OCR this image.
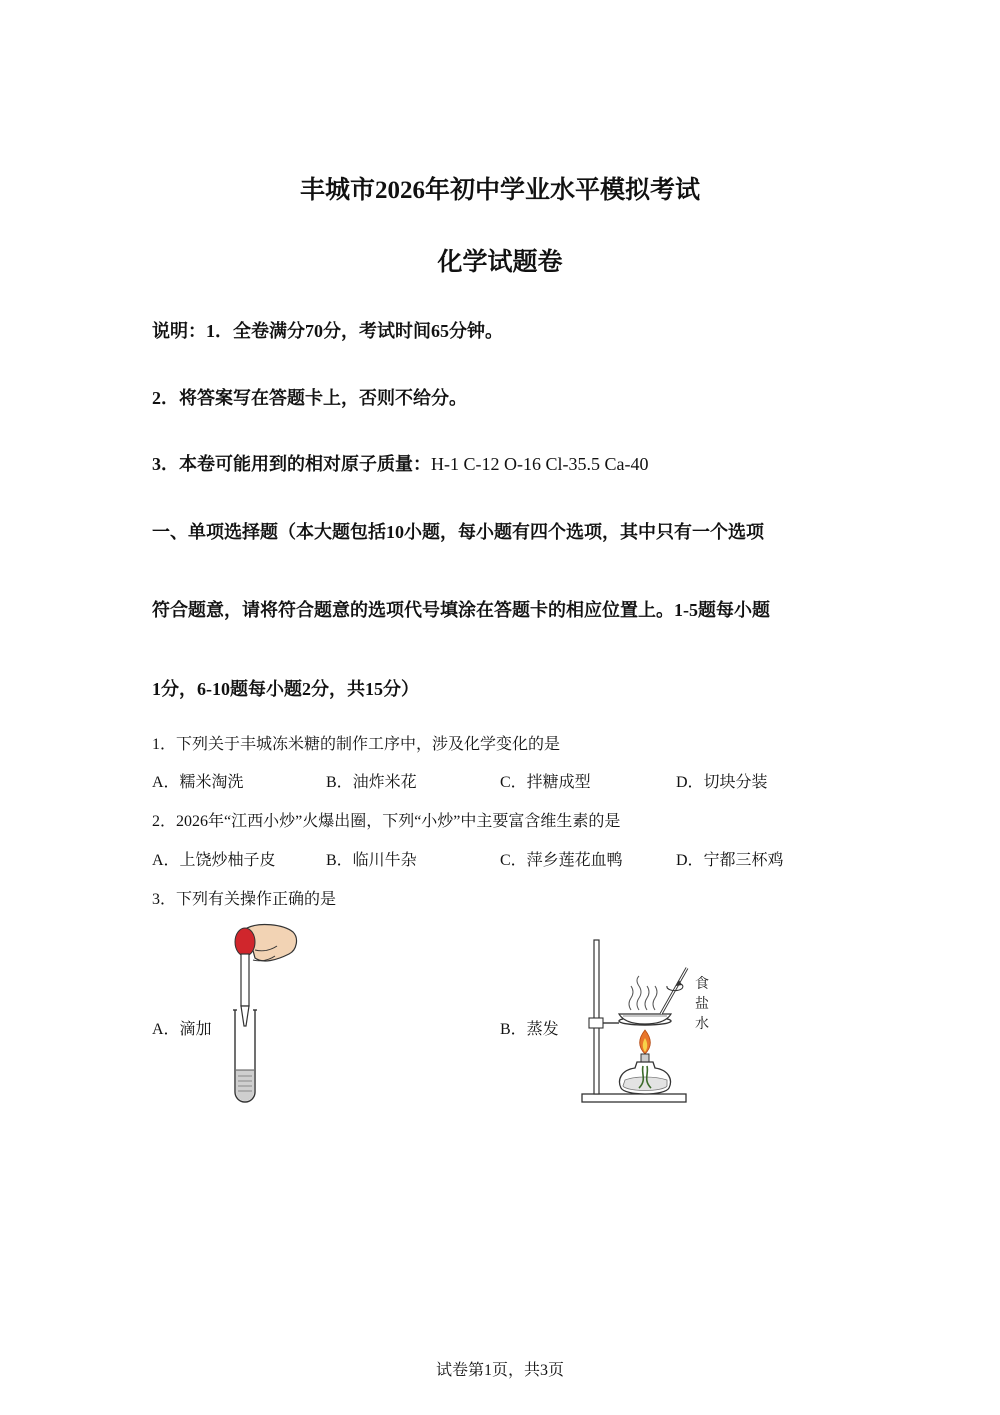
丰城市2026年初中学业水平模拟考试
化学试题卷
说明：1．全卷满分70分，考试时间65分钟。
2．将答案写在答题卡上，否则不给分。
3．本卷可能用到的相对原子质量：H-1 C-12 O-16 Cl-35.5 Ca-40
一、单项选择题（本大题包括10小题，每小题有四个选项，其中只有一个选项
符合题意，请将符合题意的选项代号填涂在答题卡的相应位置上。1-5题每小题
1分，6-10题每小题2分，共15分）
1．下列关于丰城冻米糖的制作工序中，涉及化学变化的是
A．糯米淘洗	B．油炸米花	C．拌糖成型	D．切块分装
2．2026年“江西小炒”火爆出圈，下列“小炒”中主要富含维生素的是
A．上饶炒柚子皮	B．临川牛杂	C．萍乡莲花血鸭	D．宁都三杯鸡
3．下列有关操作正确的是
A．滴加	B．蒸发
食
盐
水
试卷第1页，共3页
